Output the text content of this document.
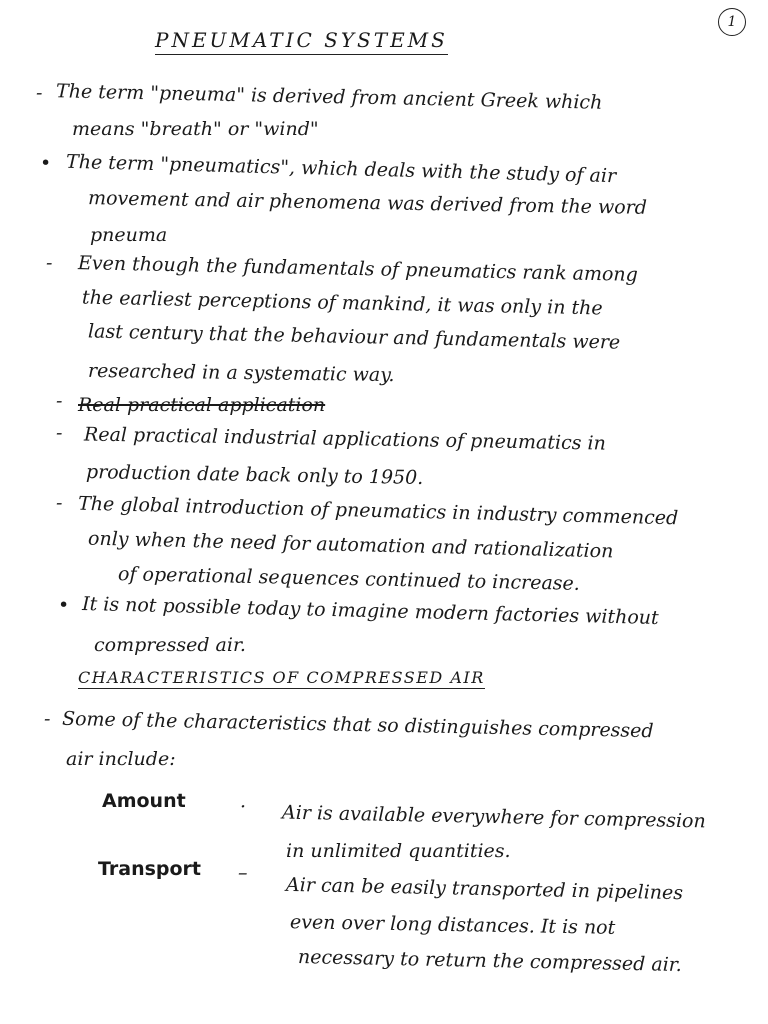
1
PNEUMATIC SYSTEMS
- The term "pneuma" is derived from ancient Greek which
means "breath" or "wind"
• The term "pneumatics", which deals with the study of air
movement and air phenomena was derived from the word
pneuma
- Even though the fundamentals of pneumatics rank among
the earliest perceptions of mankind, it was only in the
last century that the behaviour and fundamentals were
researched in a systematic way.
- Real practical application
- Real practical industrial applications of pneumatics in
production date back only to 1950.
- The global introduction of pneumatics in industry commenced
only when the need for automation and rationalization
of operational sequences continued to increase.
• It is not possible today to imagine modern factories without
compressed air.
CHARACTERISTICS OF COMPRESSED AIR
- Some of the characteristics that so distinguishes compressed
air include:
Amount	· Air is available everywhere for compression
in unlimited quantities.
Transport –
Air can be easily transported in pipelines
even over long distances. It is not
necessary to return the compressed air.
